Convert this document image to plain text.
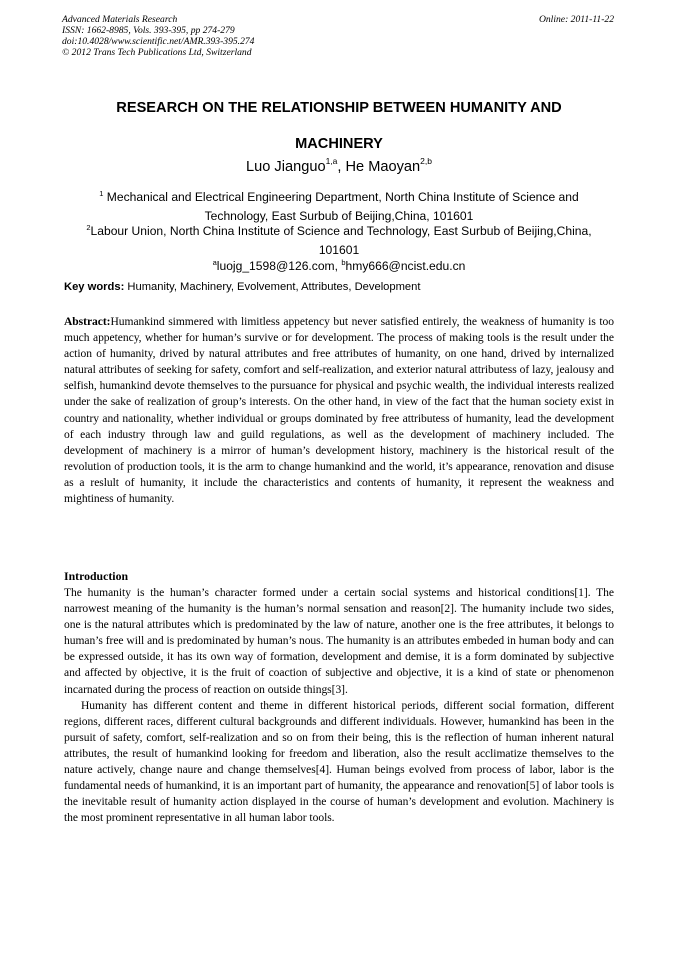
Advanced Materials Research
ISSN: 1662-8985, Vols. 393-395, pp 274-279
doi:10.4028/www.scientific.net/AMR.393-395.274
© 2012 Trans Tech Publications Ltd, Switzerland
Online: 2011-11-22
RESEARCH ON THE RELATIONSHIP BETWEEN HUMANITY AND
MACHINERY
Luo Jianguo$^{1,a}$, He Maoyan$^{2,b}$
$^1$ Mechanical and Electrical Engineering Department, North China Institute of Science and
Technology, East Surbub of Beijing,China, 101601
$^2$Labour Union, North China Institute of Science and Technology, East Surbub of Beijing,China,
101601
$^a$luojg_1598@126.com, $^b$hmy666@ncist.edu.cn
Key words: Humanity, Machinery, Evolvement, Attributes, Development
Abstract:Humankind simmered with limitless appetency but never satisfied entirely, the weakness of humanity is too much appetency, whether for human’s survive or for development. The process of making tools is the result under the action of humanity, drived by natural attributes and free attributes of humanity, on one hand, drived by internalized natural attributes of seeking for safety, comfort and self-realization, and exterior natural attributess of lazy, jealousy and selfish, humankind devote themselves to the pursuance for physical and psychic wealth, the individual interests realized under the sake of realization of group’s interests. On the other hand, in view of the fact that the human society exist in country and nationality, whether individual or groups dominated by free attributess of humanity, lead the development of each industry through law and guild regulations, as well as the development of machinery included. The development of machinery is a mirror of human’s development history, machinery is the historical result of the revolution of production tools, it is the arm to change humankind and the world, it’s appearance, renovation and disuse as a reslult of humanity, it include the characteristics and contents of humanity, it represent the weakness and mightiness of humanity.
Introduction

The humanity is the human’s character formed under a certain social systems and historical conditions[1]. The narrowest meaning of the humanity is the human’s normal sensation and reason[2]. The humanity include two sides, one is the natural attributes which is predominated by the law of nature, another one is the free attributes, it belongs to human’s free will and is predominated by human’s nous. The humanity is an attributes embeded in human body and can be expressed outside, it has its own way of formation, development and demise, it is a form dominated by subjective and affected by objective, it is the fruit of coaction of subjective and objective, it is a kind of state or phenomenon incarnated during the process of reaction on outside things[3].

Humanity has different content and theme in different historical periods, different social formation, different regions, different races, different cultural backgrounds and different individuals. However, humankind has been in the pursuit of safety, comfort, self-realization and so on from their being, this is the reflection of human inherent natural attributes, the result of humankind looking for freedom and liberation, also the result acclimatize themselves to the nature actively, change naure and change themselves[4]. Human beings evolved from process of labor, labor is the fundamental needs of humankind, it is an important part of humanity, the appearance and renovation[5] of labor tools is the inevitable result of humanity action displayed in the course of human’s development and evolution. Machinery is the most prominent representative in all human labor tools.
